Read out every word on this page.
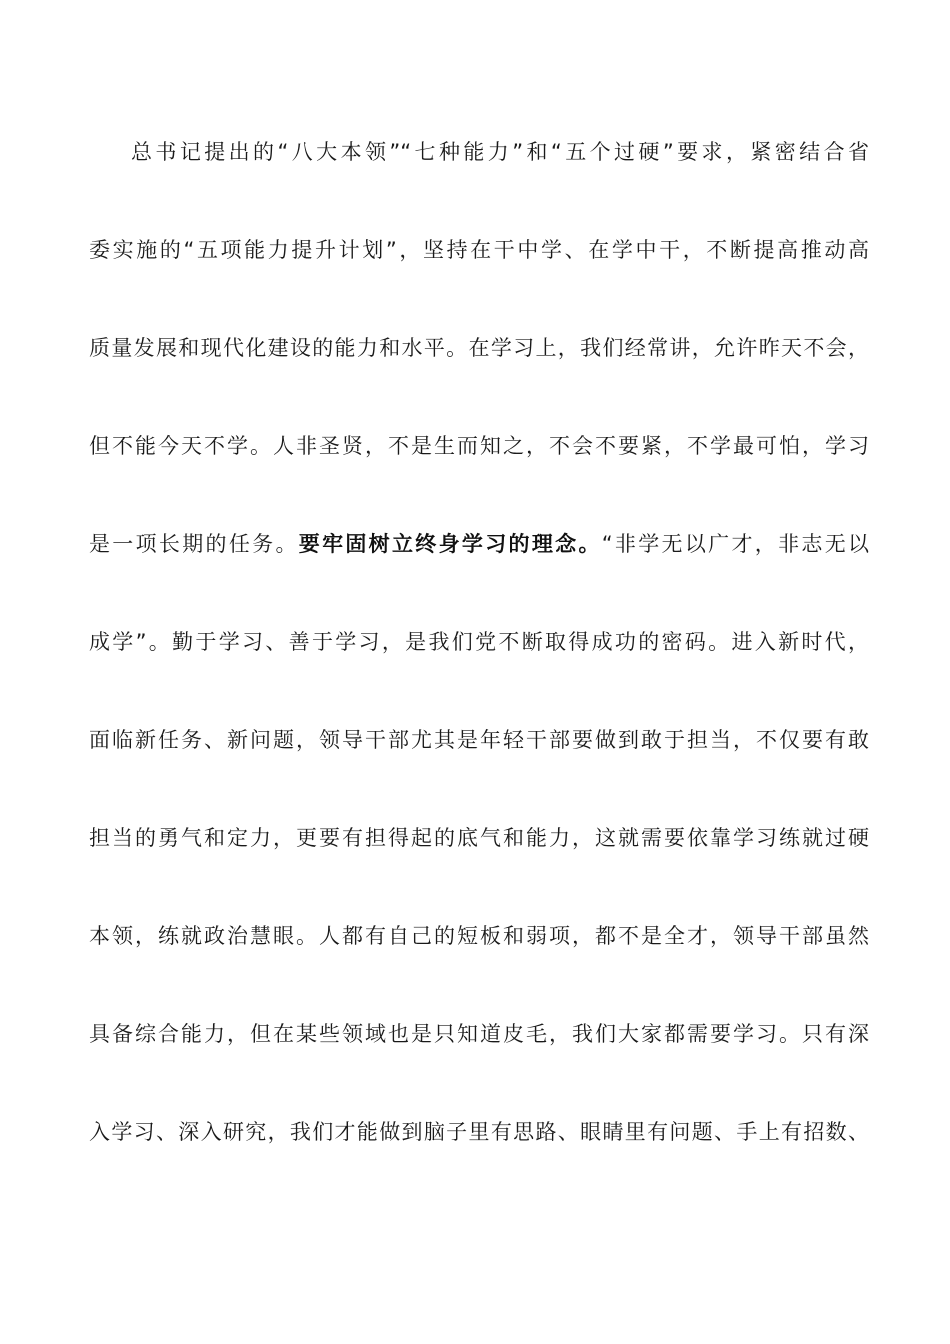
总书记提出的“八大本领”“七种能力”和“五个过硬”要求，紧密结合省
委实施的“五项能力提升计划”，坚持在干中学、在学中干，不断提高推动高
质量发展和现代化建设的能力和水平。在学习上，我们经常讲，允许昨天不会，
但不能今天不学。人非圣贤，不是生而知之，不会不要紧，不学最可怕，学习
是一项长期的任务。要牢固树立终身学习的理念。“非学无以广才，非志无以
成学”。勤于学习、善于学习，是我们党不断取得成功的密码。进入新时代，
面临新任务、新问题，领导干部尤其是年轻干部要做到敢于担当，不仅要有敢
担当的勇气和定力，更要有担得起的底气和能力，这就需要依靠学习练就过硬
本领，练就政治慧眼。人都有自己的短板和弱项，都不是全才，领导干部虽然
具备综合能力，但在某些领域也是只知道皮毛，我们大家都需要学习。只有深
入学习、深入研究，我们才能做到脑子里有思路、眼睛里有问题、手上有招数、
